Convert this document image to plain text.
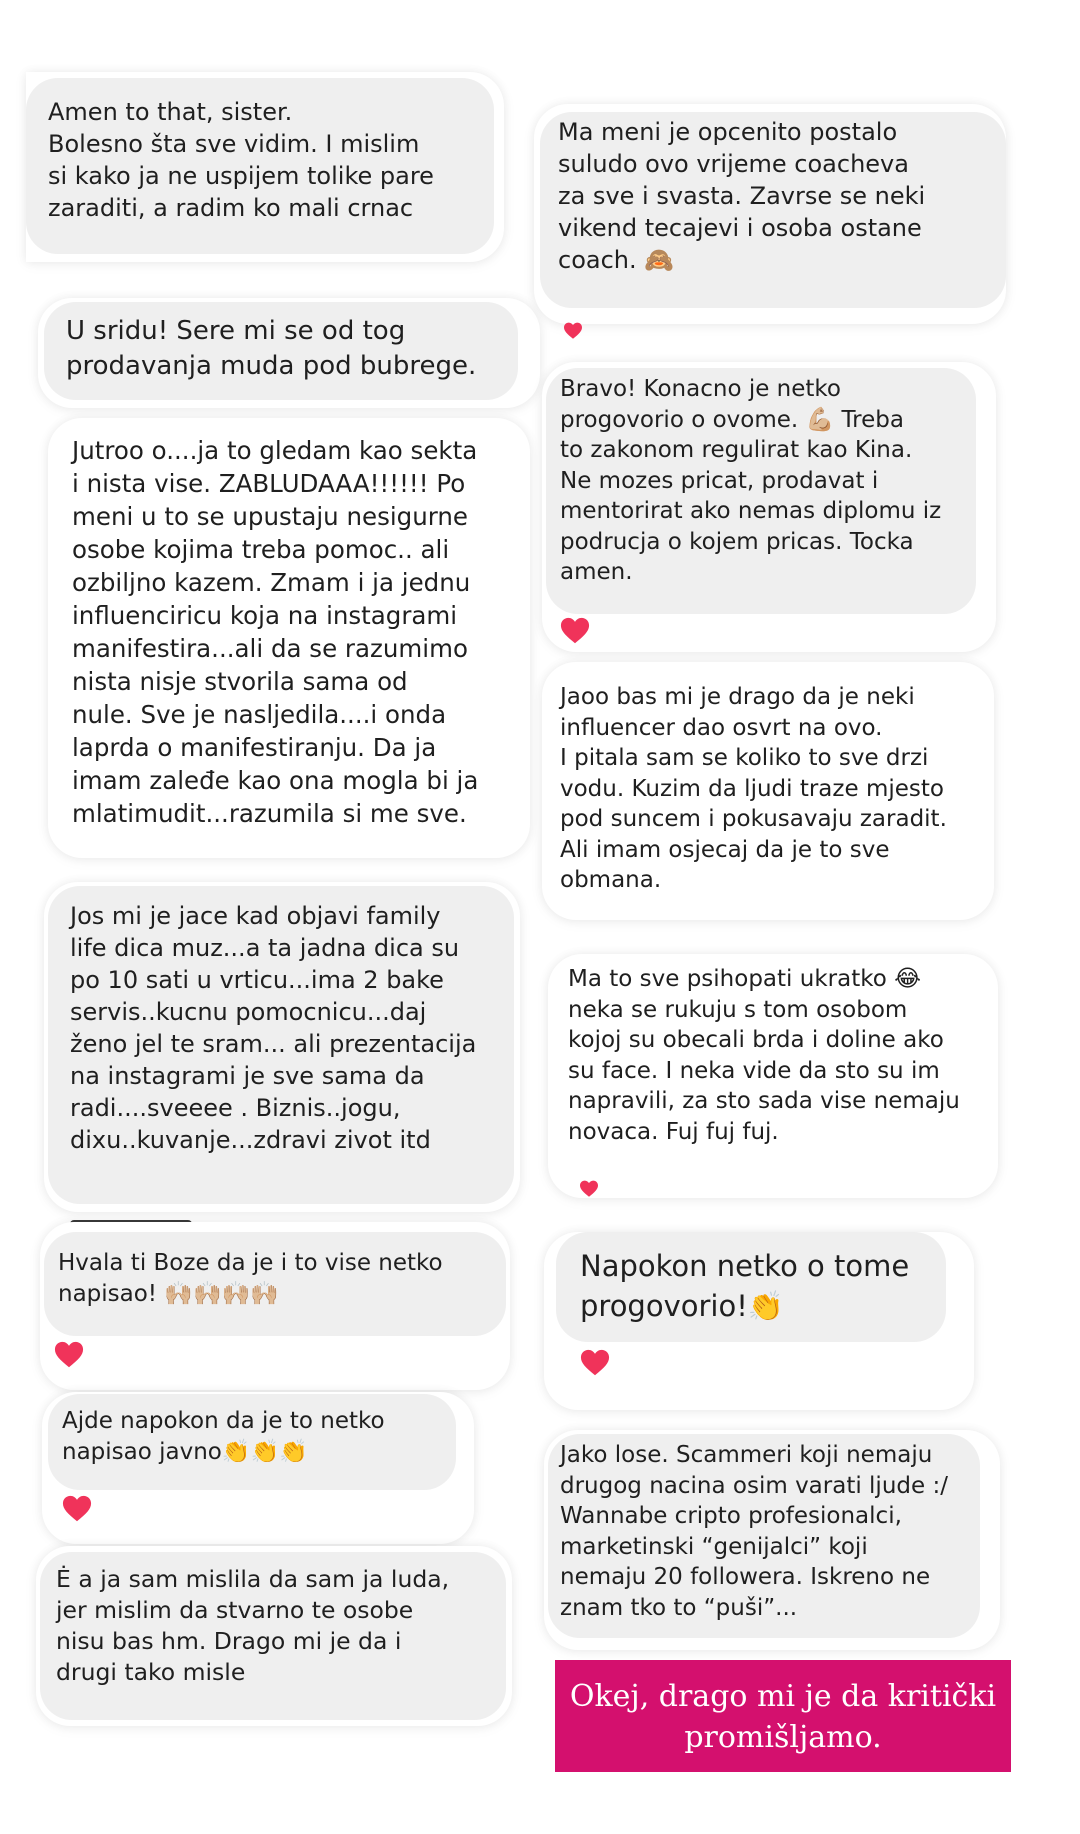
Amen to that, sister.
Bolesno šta sve vidim. I mislim
si kako ja ne uspijem tolike pare
zaraditi, a radim ko mali crnac
U sridu! Sere mi se od tog
prodavanja muda pod bubrege.
Jutroo o....ja to gledam kao sekta
i nista vise. ZABLUDAAA!!!!!! Po
meni u to se upustaju nesigurne
osobe kojima treba pomoc.. ali
ozbiljno kazem. Zmam i ja jednu
influenciricu koja na instagrami
manifestira...ali da se razumimo
nista nisje stvorila sama od
nule. Sve je nasljedila....i onda
laprda o manifestiranju. Da ja
imam zaleđe kao ona mogla bi ja
mlatimudit...razumila si me sve.
Jos mi je jace kad objavi family
life dica muz...a ta jadna dica su
po 10 sati u vrticu...ima 2 bake
servis..kucnu pomocnicu...daj
ženo jel te sram... ali prezentacija
na instagrami je sve sama da
radi....sveeee . Biznis..jogu,
dixu..kuvanje...zdravi zivot itd
Hvala ti Boze da je i to vise netko
napisao! 🙌🏼🙌🏼🙌🏼🙌🏼
Ajde napokon da je to netko
napisao javno👏👏👏
Ė a ja sam mislila da sam ja luda,
jer mislim da stvarno te osobe
nisu bas hm. Drago mi je da i
drugi tako misle
Ma meni je opcenito postalo
suludo ovo vrijeme coacheva
za sve i svasta. Zavrse se neki
vikend tecajevi i osoba ostane
coach. 🙈
Bravo! Konacno je netko
progovorio o ovome. 💪🏼 Treba
to zakonom regulirat kao Kina.
Ne mozes pricat, prodavat i
mentorirat ako nemas diplomu iz
podrucja o kojem pricas. Tocka
amen.
Jaoo bas mi je drago da je neki
influencer dao osvrt na ovo.
I pitala sam se koliko to sve drzi
vodu. Kuzim da ljudi traze mjesto
pod suncem i pokusavaju zaradit.
Ali imam osjecaj da je to sve
obmana.
Ma to sve psihopati ukratko 😂
neka se rukuju s tom osobom
kojoj su obecali brda i doline ako
su face. I neka vide da sto su im
napravili, za sto sada vise nemaju
novaca. Fuj fuj fuj.
Napokon netko o tome
progovorio!👏
Jako lose. Scammeri koji nemaju
drugog nacina osim varati ljude :/
Wannabe cripto profesionalci,
marketinski “genijalci” koji
nemaju 20 followera. Iskreno ne
znam tko to “puši”...
Okej, drago mi je da kritički
promišljamo.
